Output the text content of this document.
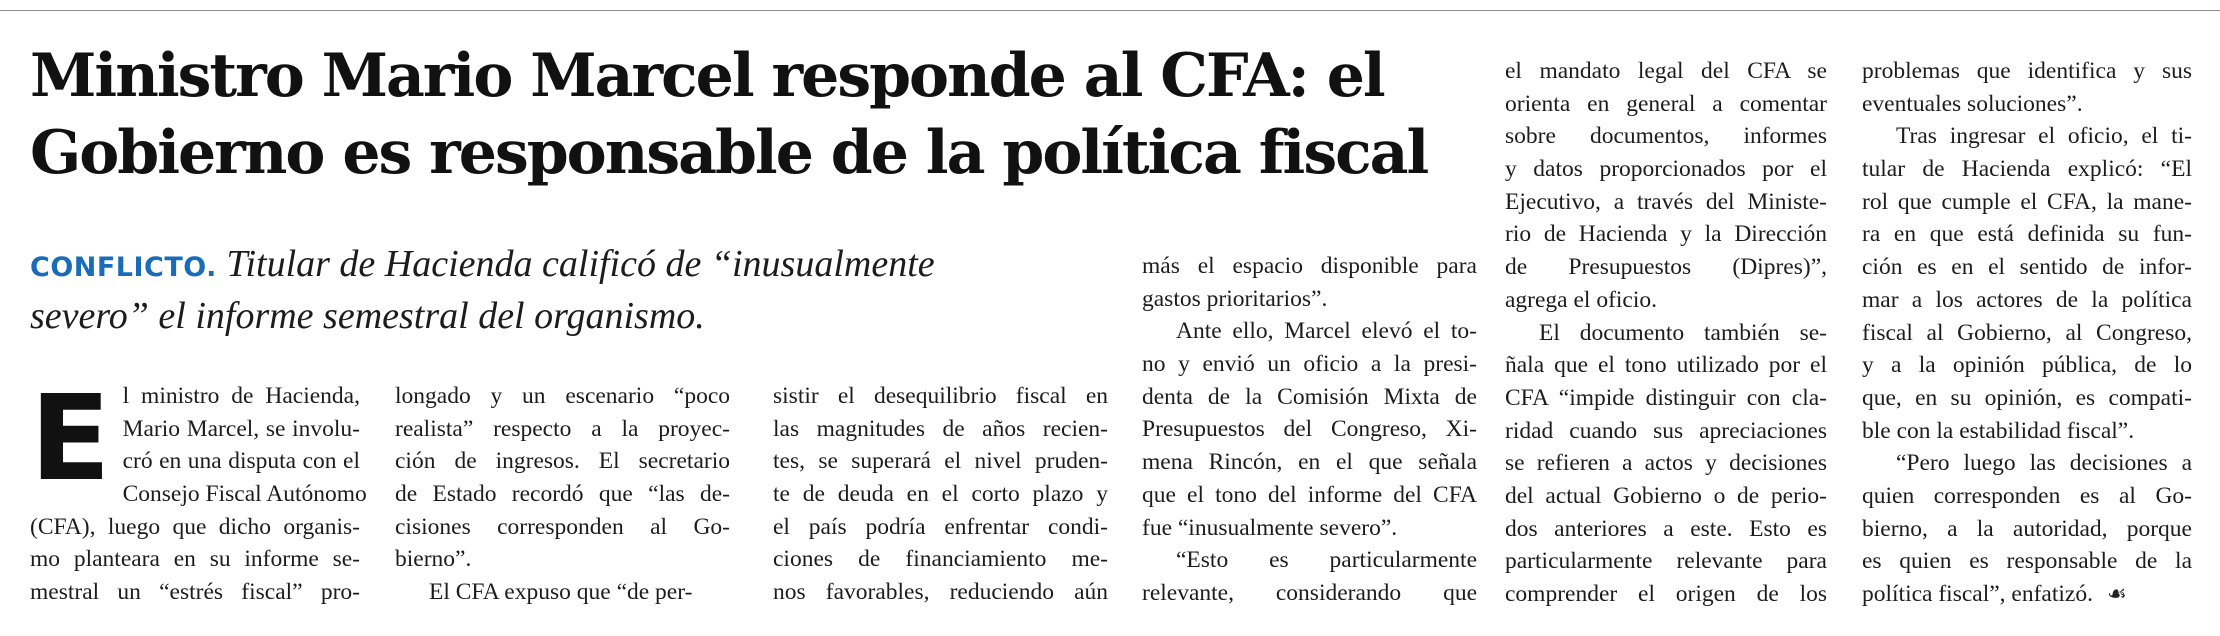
Ministro Mario Marcel responde al CFA: el
Gobierno es responsable de la política fiscal
CONFLICTO. Titular de Hacienda calificó de “inusualmente
severo” el informe semestral del organismo.
E l ministro de Hacienda,
Mario Marcel, se involu-
cró en una disputa con el
Consejo Fiscal Autónomo
(CFA), luego que dicho organis-
mo planteara en su informe se-
mestral un “estrés fiscal” pro-
longado y un escenario “poco
realista” respecto a la proyec-
ción de ingresos. El secretario
de Estado recordó que “las de-
cisiones corresponden al Go-
bierno”.
El CFA expuso que “de per-
sistir el desequilibrio fiscal en
las magnitudes de años recien-
tes, se superará el nivel pruden-
te de deuda en el corto plazo y
el país podría enfrentar condi-
ciones de financiamiento me-
nos favorables, reduciendo aún
más el espacio disponible para
gastos prioritarios”.
Ante ello, Marcel elevó el to-
no y envió un oficio a la presi-
denta de la Comisión Mixta de
Presupuestos del Congreso, Xi-
mena Rincón, en el que señala
que el tono del informe del CFA
fue “inusualmente severo”.
“Esto es particularmente
relevante, considerando que
el mandato legal del CFA se
orienta en general a comentar
sobre documentos, informes
y datos proporcionados por el
Ejecutivo, a través del Ministe-
rio de Hacienda y la Dirección
de Presupuestos (Dipres)”,
agrega el oficio.
El documento también se-
ñala que el tono utilizado por el
CFA “impide distinguir con cla-
ridad cuando sus apreciaciones
se refieren a actos y decisiones
del actual Gobierno o de perio-
dos anteriores a este. Esto es
particularmente relevante para
comprender el origen de los
problemas que identifica y sus
eventuales soluciones”.
Tras ingresar el oficio, el ti-
tular de Hacienda explicó: “El
rol que cumple el CFA, la mane-
ra en que está definida su fun-
ción es en el sentido de infor-
mar a los actores de la política
fiscal al Gobierno, al Congreso,
y a la opinión pública, de lo
que, en su opinión, es compati-
ble con la estabilidad fiscal”.
“Pero luego las decisiones a
quien corresponden es al Go-
bierno, a la autoridad, porque
es quien es responsable de la
política fiscal”, enfatizó. ☙
